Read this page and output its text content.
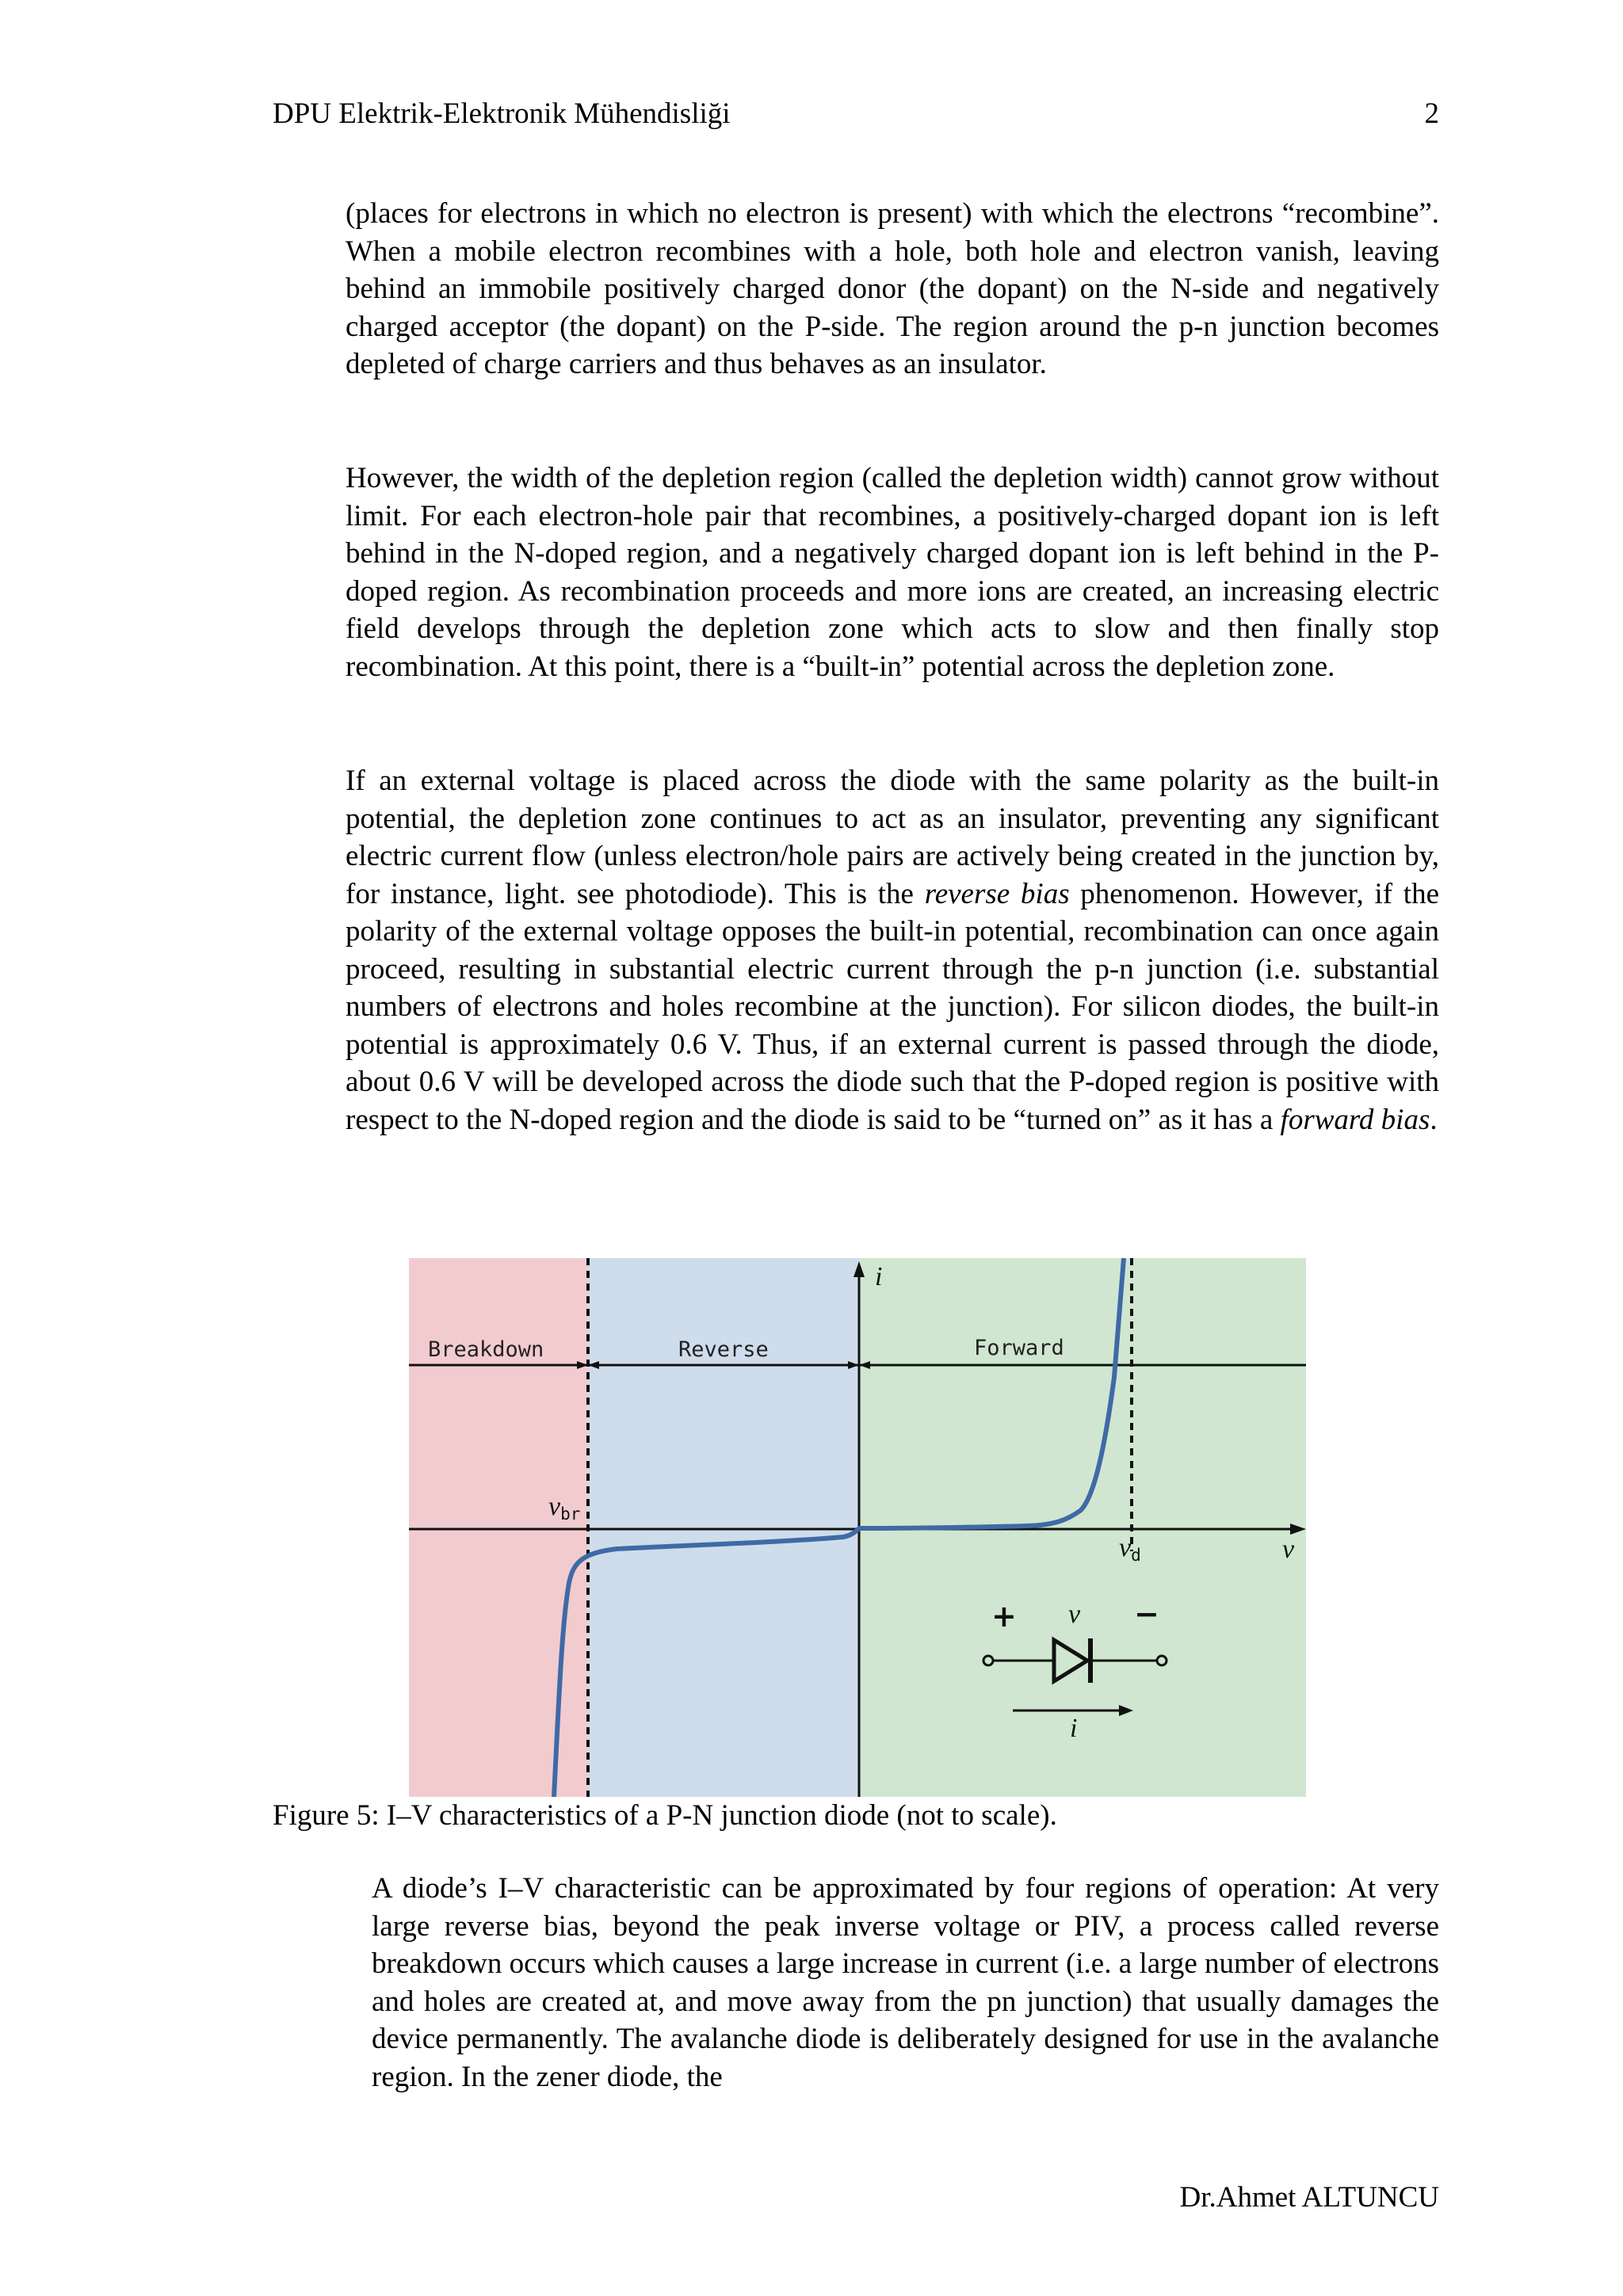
DPU Elektrik-Elektronik Mühendisliği	2

(places for electrons in which no electron is present) with which the electrons “recombine”. When a mobile electron recombines with a hole, both hole and electron vanish, leaving behind an immobile positively charged donor (the dopant) on the N-side and negatively charged acceptor (the dopant) on the P-side. The region around the p-n junction becomes depleted of charge carriers and thus behaves as an insulator.

However, the width of the depletion region (called the depletion width) cannot grow without limit. For each electron-hole pair that recombines, a positively-charged dopant ion is left behind in the N-doped region, and a negatively charged dopant ion is left behind in the P-doped region. As recombination proceeds and more ions are created, an increasing electric field develops through the depletion zone which acts to slow and then finally stop recombination. At this point, there is a “built-in” potential across the depletion zone.

If an external voltage is placed across the diode with the same polarity as the built-in potential, the depletion zone continues to act as an insulator, preventing any significant electric current flow (unless electron/hole pairs are actively being created in the junction by, for instance, light. see photodiode). This is the reverse bias phenomenon. However, if the polarity of the external voltage opposes the built-in potential, recombination can once again proceed, resulting in substantial electric current through the p-n junction (i.e. substantial numbers of electrons and holes recombine at the junction). For silicon diodes, the built-in potential is approximately 0.6 V. Thus, if an external current is passed through the diode, about 0.6 V will be developed across the diode such that the P-doped region is positive with respect to the N-doped region and the diode is said to be “turned on” as it has a forward bias.

Breakdown	Reverse	Forward
i
v
vbr
vd
+ v −
i
Figure 5: I–V characteristics of a P-N junction diode (not to scale).

A diode’s I–V characteristic can be approximated by four regions of operation: At very large reverse bias, beyond the peak inverse voltage or PIV, a process called reverse breakdown occurs which causes a large increase in current (i.e. a large number of electrons and holes are created at, and move away from the pn junction) that usually damages the device permanently. The avalanche diode is deliberately designed for use in the avalanche region. In the zener diode, the

Dr.Ahmet ALTUNCU
